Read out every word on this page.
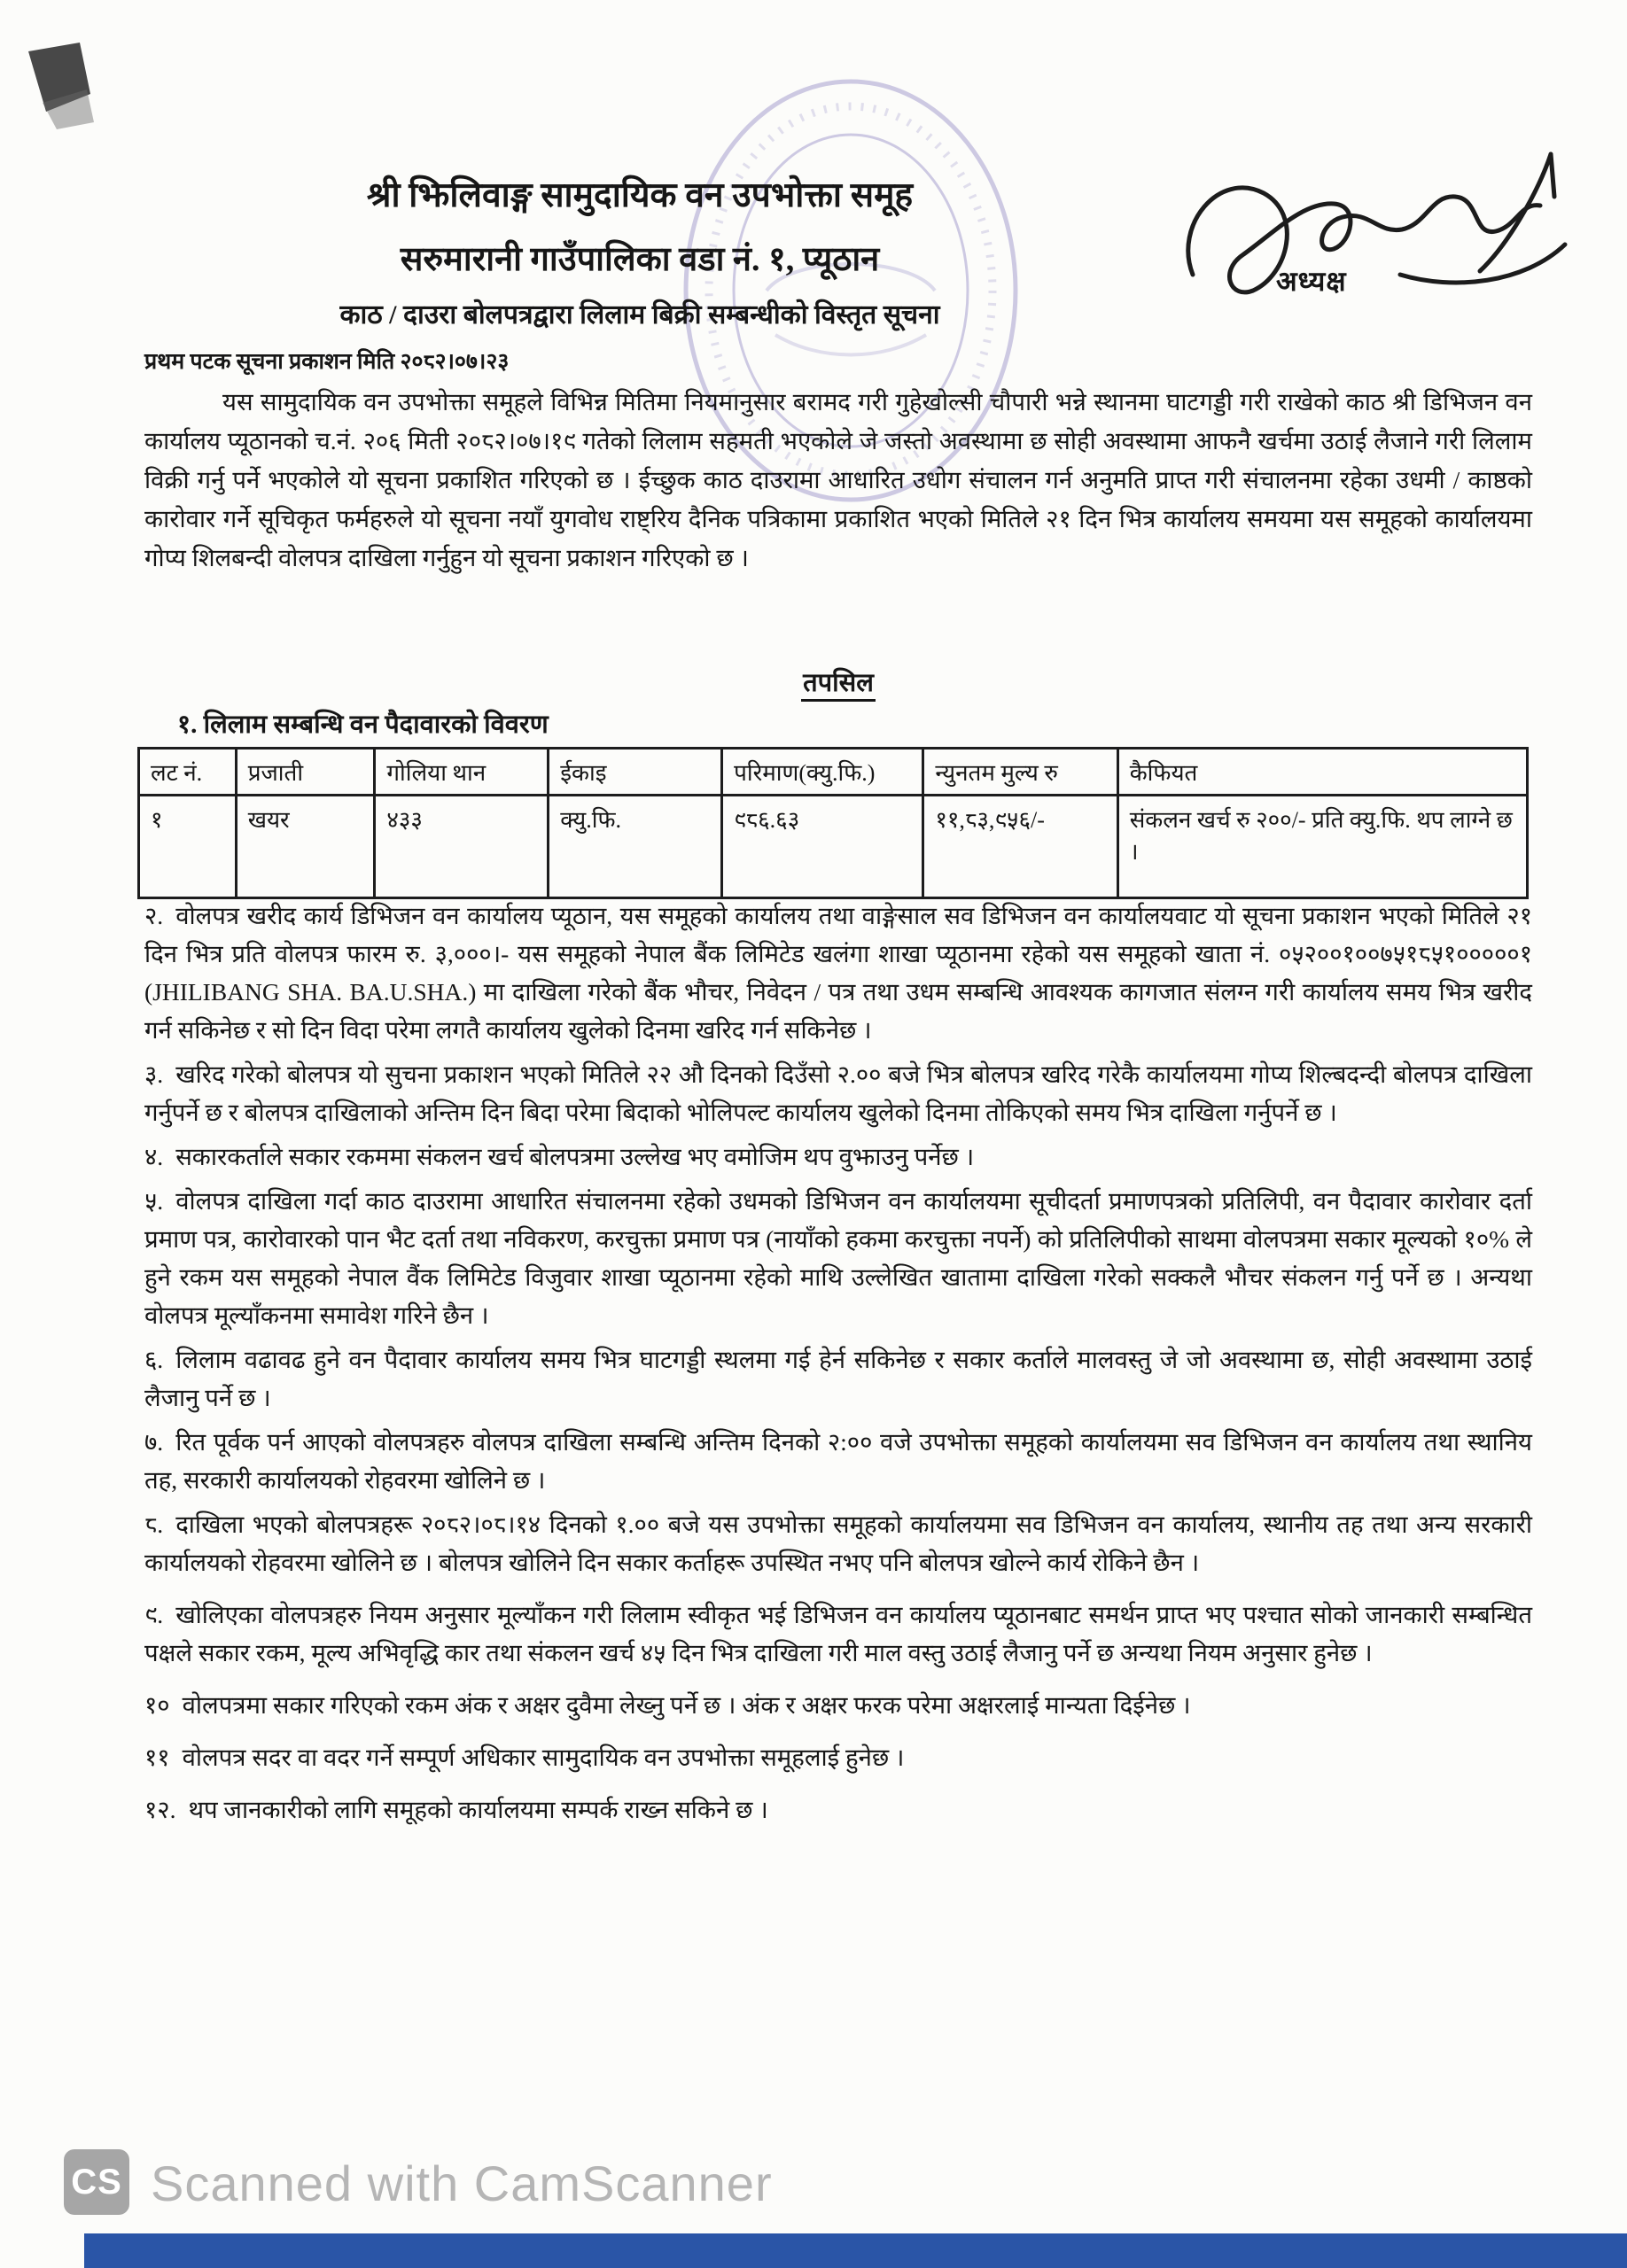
अध्यक्ष
श्री झिलिवाङ्ग सामुदायिक वन उपभोक्ता समूह
सरुमारानी गाउँपालिका वडा नं. १, प्यूठान
काठ / दाउरा बोलपत्रद्वारा लिलाम बिक्री सम्बन्धीको विस्तृत सूचना
प्रथम पटक सूचना प्रकाशन मिति २०८२।०७।२३
यस सामुदायिक वन उपभोक्ता समूहले विभिन्न मितिमा नियमानुसार बरामद गरी गुहेखोल्सी चौपारी भन्ने स्थानमा घाटगड्डी गरी राखेको काठ श्री डिभिजन वन कार्यालय प्यूठानको च.नं. २०६ मिती २०८२।०७।१९ गतेको लिलाम सहमती भएकोले जे जस्तो अवस्थामा छ सोही अवस्थामा आफनै खर्चमा उठाई लैजाने गरी लिलाम विक्री गर्नु पर्ने भएकोले यो सूचना प्रकाशित गरिएको छ । ईच्छुक काठ दाउरामा आधारित उधोग संचालन गर्न अनुमति प्राप्त गरी संचालनमा रहेका उधमी / काष्ठको कारोवार गर्ने सूचिकृत फर्महरुले यो सूचना नयाँ युगवोध राष्ट्रिय दैनिक पत्रिकामा प्रकाशित भएको मितिले २१ दिन भित्र कार्यालय समयमा यस समूहको कार्यालयमा गोप्य शिलबन्दी वोलपत्र दाखिला गर्नुहुन यो सूचना प्रकाशन गरिएको छ ।
तपसिल
१. लिलाम सम्बन्धि वन पैदावारको विवरण
लट नं.	प्रजाती	गोलिया थान	ईकाइ	परिमाण(क्यु.फि.)	न्युनतम मुल्य रु	कैफियत
१	खयर	४३३	क्यु.फि.	९८६.६३	११,८३,९५६/-	संकलन खर्च रु २००/- प्रति क्यु.फि. थप लाग्ने छ ।

२. वोलपत्र खरीद कार्य डिभिजन वन कार्यालय प्यूठान, यस समूहको कार्यालय तथा वाङ्गेसाल सव डिभिजन वन कार्यालयवाट यो सूचना प्रकाशन भएको मितिले २१ दिन भित्र प्रति वोलपत्र फारम रु. ३,०००।- यस समूहको नेपाल बैंक लिमिटेड खलंगा शाखा प्यूठानमा रहेको यस समूहको खाता नं. ०५२००१००७५१८५१०००००१ (JHILIBANG SHA. BA.U.SHA.) मा दाखिला गरेको बैंक भौचर, निवेदन / पत्र तथा उधम सम्बन्धि आवश्यक कागजात संलग्न गरी कार्यालय समय भित्र खरीद गर्न सकिनेछ र सो दिन विदा परेमा लगतै कार्यालय खुलेको दिनमा खरिद गर्न सकिनेछ ।

३. खरिद गरेको बोलपत्र यो सुचना प्रकाशन भएको मितिले २२ औ दिनको दिउँसो २.०० बजे भित्र बोलपत्र खरिद गरेकै कार्यालयमा गोप्य शिल्बदन्दी बोलपत्र दाखिला गर्नुपर्ने छ र बोलपत्र दाखिलाको अन्तिम दिन बिदा परेमा बिदाको भोलिपल्ट कार्यालय खुलेको दिनमा तोकिएको समय भित्र दाखिला गर्नुपर्ने छ ।

४. सकारकर्ताले सकार रकममा संकलन खर्च बोलपत्रमा उल्लेख भए वमोजिम थप वुझाउनु पर्नेछ ।

५. वोलपत्र दाखिला गर्दा काठ दाउरामा आधारित संचालनमा रहेको उधमको डिभिजन वन कार्यालयमा सूचीदर्ता प्रमाणपत्रको प्रतिलिपी, वन पैदावार कारोवार दर्ता प्रमाण पत्र, कारोवारको पान भैट दर्ता तथा नविकरण, करचुक्ता प्रमाण पत्र (नायाँको हकमा करचुक्ता नपर्ने) को प्रतिलिपीको साथमा वोलपत्रमा सकार मूल्यको १०% ले हुने रकम यस समूहको नेपाल वैंक लिमिटेड विजुवार शाखा प्यूठानमा रहेको माथि उल्लेखित खातामा दाखिला गरेको सक्कलै भौचर संकलन गर्नु पर्ने छ । अन्यथा वोलपत्र मूल्याँकनमा समावेश गरिने छैन ।

६. लिलाम वढावढ हुने वन पैदावार कार्यालय समय भित्र घाटगड्डी स्थलमा गई हेर्न सकिनेछ र सकार कर्ताले मालवस्तु जे जो अवस्थामा छ, सोही अवस्थामा उठाई लैजानु पर्ने छ ।

७. रित पूर्वक पर्न आएको वोलपत्रहरु वोलपत्र दाखिला सम्बन्धि अन्तिम दिनको २:०० वजे उपभोक्ता समूहको कार्यालयमा सव डिभिजन वन कार्यालय तथा स्थानिय तह, सरकारी कार्यालयको रोहवरमा खोलिने छ ।

८. दाखिला भएको बोलपत्रहरू २०८२।०८।१४ दिनको १.०० बजे यस उपभोक्ता समूहको कार्यालयमा सव डिभिजन वन कार्यालय, स्थानीय तह तथा अन्य सरकारी कार्यालयको रोहवरमा खोलिने छ । बोलपत्र खोलिने दिन सकार कर्ताहरू उपस्थित नभए पनि बोलपत्र खोल्ने कार्य रोकिने छैन ।

९. खोलिएका वोलपत्रहरु नियम अनुसार मूल्याँकन गरी लिलाम स्वीकृत भई डिभिजन वन कार्यालय प्यूठानबाट समर्थन प्राप्त भए पश्चात सोको जानकारी सम्बन्धित पक्षले सकार रकम, मूल्य अभिवृद्धि कार तथा संकलन खर्च ४५ दिन भित्र दाखिला गरी माल वस्तु उठाई लैजानु पर्ने छ अन्यथा नियम अनुसार हुनेछ ।

१० वोलपत्रमा सकार गरिएको रकम अंक र अक्षर दुवैमा लेख्नु पर्ने छ । अंक र अक्षर फरक परेमा अक्षरलाई मान्यता दिईनेछ ।

११ वोलपत्र सदर वा वदर गर्ने सम्पूर्ण अधिकार सामुदायिक वन उपभोक्ता समूहलाई हुनेछ ।

१२. थप जानकारीको लागि समूहको कार्यालयमा सम्पर्क राख्न सकिने छ ।

CS Scanned with CamScanner
